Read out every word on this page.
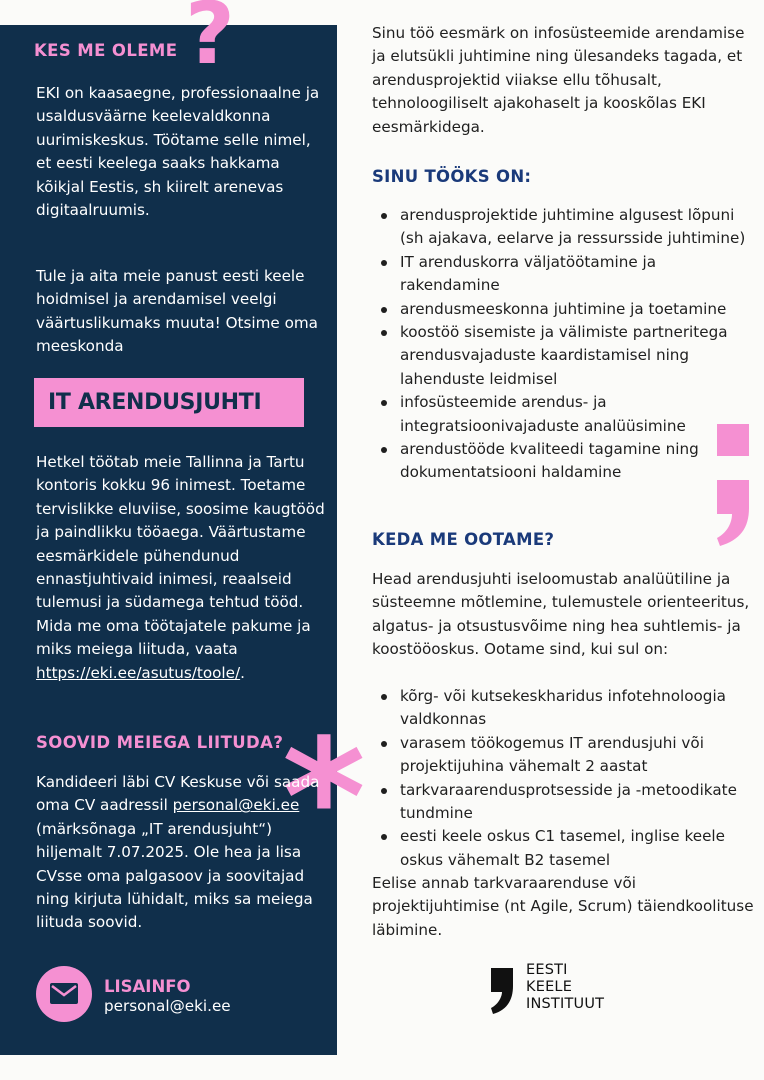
?
KES ME OLEME

EKI on kaasaegne, professionaalne ja usaldusväärne keelevaldkonna uurimiskeskus. Töötame selle nimel, et eesti keelega saaks hakkama kõikjal Eestis, sh kiirelt arenevas digitaalruumis.

Tule ja aita meie panust eesti keele hoidmisel ja arendamisel veelgi väärtuslikumaks muuta! Otsime oma meeskonda

IT ARENDUSJUHTI

Hetkel töötab meie Tallinna ja Tartu kontoris kokku 96 inimest. Toetame tervislikke eluviise, soosime kaugtööd ja paindlikku tööaega. Väärtustame eesmärkidele pühendunud ennastjuhtivaid inimesi, reaalseid tulemusi ja südamega tehtud tööd. Mida me oma töötajatele pakume ja miks meiega liituda, vaata https://eki.ee/asutus/toole/.

SOOVID MEIEGA LIITUDA?
*

Kandideeri läbi CV Keskuse või saada oma CV aadressil personal@eki.ee (märksõnaga „IT arendusjuht“) hiljemalt 7.07.2025. Ole hea ja lisa CVsse oma palgasoov ja soovitajad ning kirjuta lühidalt, miks sa meiega liituda soovid.

LISAINFO
personal@eki.ee

Sinu töö eesmärk on infosüsteemide arendamise ja elutsükli juhtimine ning ülesandeks tagada, et arendusprojektid viiakse ellu tõhusalt, tehnoloogiliselt ajakohaselt ja kooskõlas EKI eesmärkidega.

SINU TÖÖKS ON:
arendusprojektide juhtimine algusest lõpuni (sh ajakava, eelarve ja ressursside juhtimine)
IT arenduskorra väljatöötamine ja rakendamine
arendusmeeskonna juhtimine ja toetamine
koostöö sisemiste ja välimiste partneritega arendusvajaduste kaardistamisel ning lahenduste leidmisel
infosüsteemide arendus- ja integratsioonivajaduste analüüsimine
arendustööde kvaliteedi tagamine ning dokumentatsiooni haldamine
KEDA ME OOTAME?

Head arendusjuhti iseloomustab analüütiline ja süsteemne mõtlemine, tulemustele orienteeritus, algatus- ja otsustusvõime ning hea suhtlemis- ja koostööoskus. Ootame sind, kui sul on:

kõrg- või kutsekeskharidus infotehnoloogia valdkonnas
varasem töökogemus IT arendusjuhi või projektijuhina vähemalt 2 aastat
tarkvaraarendusprotsesside ja -metoodikate tundmine
eesti keele oskus C1 tasemel, inglise keele oskus vähemalt B2 tasemel

Eelise annab tarkvaraarenduse või projektijuhtimise (nt Agile, Scrum) täiendkoolituse läbimine.

EESTI
KEELE
INSTITUUT
